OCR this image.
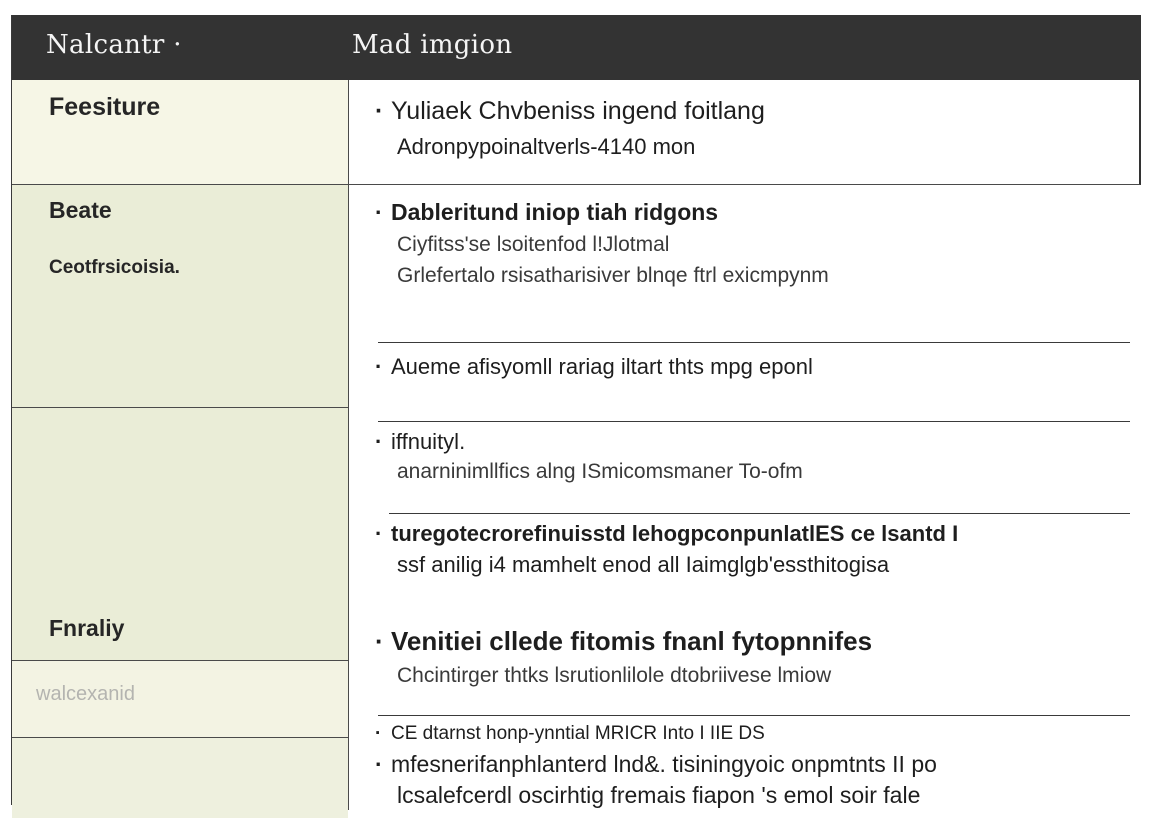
Nalcantr ·	Mad imgion
Feesiture
Beate
Ceotfrsicoisia.
Fnraliy
walcexanid
· Yuliaek Chvbeniss ingend foitlang
Adronpypoinaltverls-4140 mon
· Dableritund iniop tiah ridgons
Ciyfitss'se lsoitenfod l!Jlotmal
Grlefertalo rsisatharisiver blnqe ftrl exicmpynm
· Aueme afisyomll rariag iltart thts mpg eponl
· iffnuityl.
anarninimllfics alng ISmicomsmaner To-ofm
· turegotecrorefinuisstd lehogpconpunlatlES ce lsantd I
ssf anilig i4 mamhelt enod all Iaimglgb'essthitogisa
· Venitiei cllede fitomis fnanl fytopnnifes
Chcintirger thtks lsrutionlilole dtobriivese lmiow
· CE dtarnst honp-ynntial MRICR Into I IIE DS
· mfesnerifanphlanterd lnd&. tisiningyoic onpmtnts II po
lcsalefcerdl oscirhtig fremais fiapon 's emol soir fale
